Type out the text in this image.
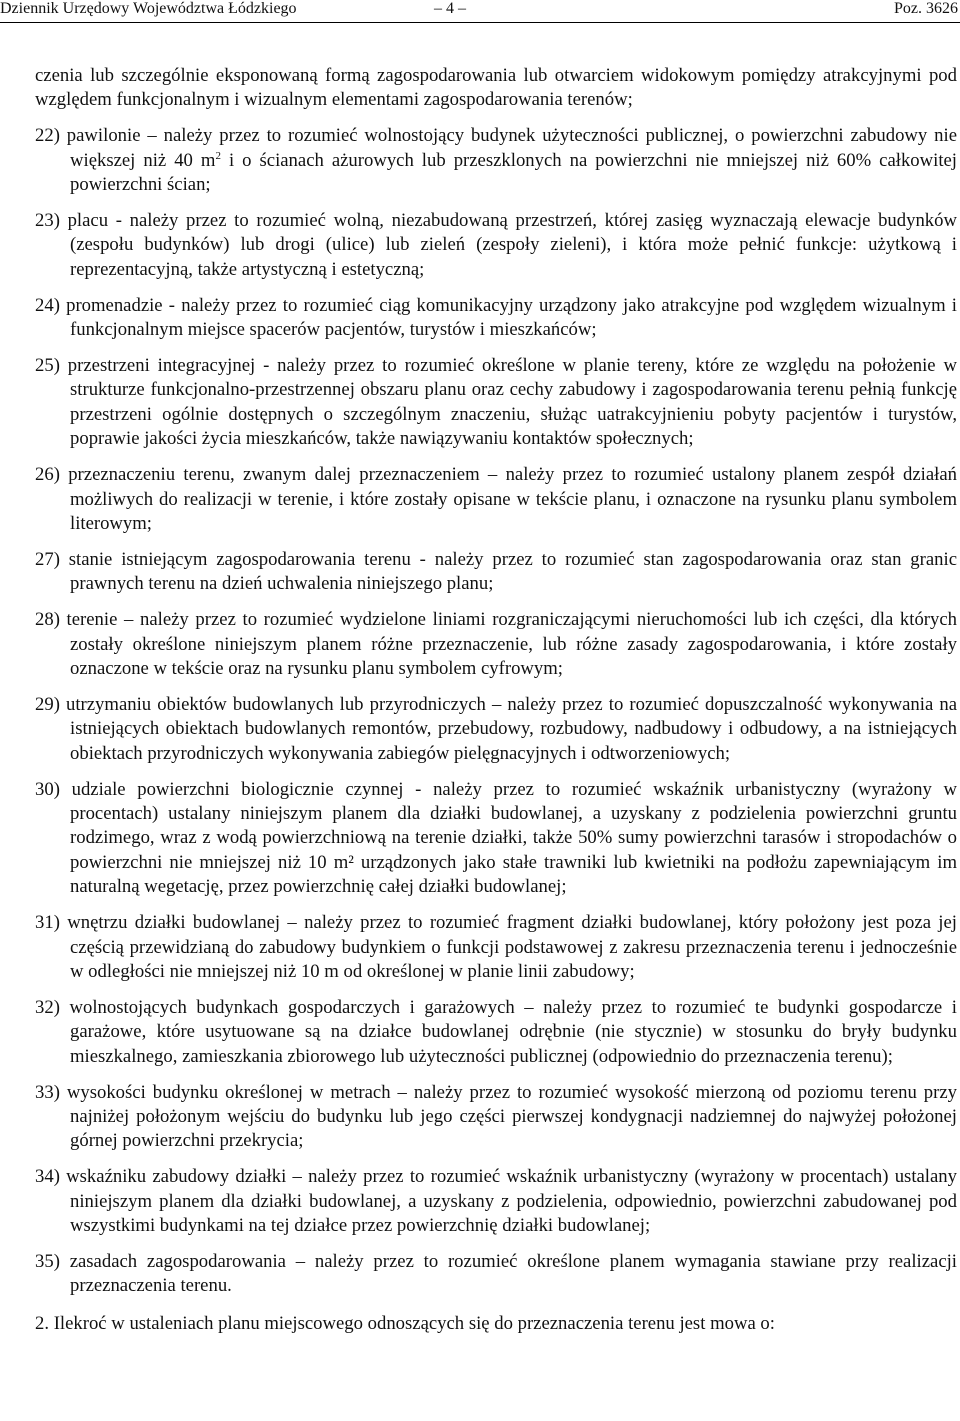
Dziennik Urzędowy Województwa Łódzkiego	– 4 –	Poz. 3626

czenia lub szczególnie eksponowaną formą zagospodarowania lub otwarciem widokowym pomiędzy atrakcyjnymi pod względem funkcjonalnym i wizualnym elementami zagospodarowania terenów;

22) pawilonie – należy przez to rozumieć wolnostojący budynek użyteczności publicznej, o powierzchni zabudowy nie większej niż 40 $m^2$ i o ścianach ażurowych lub przeszklonych na powierzchni nie mniejszej niż 60% całkowitej powierzchni ścian;

23) placu - należy przez to rozumieć wolną, niezabudowaną przestrzeń, której zasięg wyznaczają elewacje budynków (zespołu budynków) lub drogi (ulice) lub zieleń (zespoły zieleni), i która może pełnić funkcje: użytkową i reprezentacyjną, także artystyczną i estetyczną;

24) promenadzie - należy przez to rozumieć ciąg komunikacyjny urządzony jako atrakcyjne pod względem wizualnym i funkcjonalnym miejsce spacerów pacjentów, turystów i mieszkańców;

25) przestrzeni integracyjnej - należy przez to rozumieć określone w planie tereny, które ze względu na położenie w strukturze funkcjonalno-przestrzennej obszaru planu oraz cechy zabudowy i zagospodarowania terenu pełnią funkcję przestrzeni ogólnie dostępnych o szczególnym znaczeniu, służąc uatrakcyjnieniu pobyty pacjentów i turystów, poprawie jakości życia mieszkańców, także nawiązywaniu kontaktów społecznych;

26) przeznaczeniu terenu, zwanym dalej przeznaczeniem – należy przez to rozumieć ustalony planem zespół działań możliwych do realizacji w terenie, i które zostały opisane w tekście planu, i oznaczone na rysunku planu symbolem literowym;

27) stanie istniejącym zagospodarowania terenu - należy przez to rozumieć stan zagospodarowania oraz stan granic prawnych terenu na dzień uchwalenia niniejszego planu;

28) terenie – należy przez to rozumieć wydzielone liniami rozgraniczającymi nieruchomości lub ich części, dla których zostały określone niniejszym planem różne przeznaczenie, lub różne zasady zagospodarowania, i które zostały oznaczone w tekście oraz na rysunku planu symbolem cyfrowym;

29) utrzymaniu obiektów budowlanych lub przyrodniczych – należy przez to rozumieć dopuszczalność wykonywania na istniejących obiektach budowlanych remontów, przebudowy, rozbudowy, nadbudowy i odbudowy, a na istniejących obiektach przyrodniczych wykonywania zabiegów pielęgnacyjnych i odtworzeniowych;

30) udziale powierzchni biologicznie czynnej - należy przez to rozumieć wskaźnik urbanistyczny (wyrażony w procentach) ustalany niniejszym planem dla działki budowlanej, a uzyskany z podzielenia powierzchni gruntu rodzimego, wraz z wodą powierzchniową na terenie działki, także 50% sumy powierzchni tarasów i stropodachów o powierzchni nie mniejszej niż 10 m² urządzonych jako stałe trawniki lub kwietniki na podłożu zapewniającym im naturalną wegetację, przez powierzchnię całej działki budowlanej;

31) wnętrzu działki budowlanej – należy przez to rozumieć fragment działki budowlanej, który położony jest poza jej częścią przewidzianą do zabudowy budynkiem o funkcji podstawowej z zakresu przeznaczenia terenu i jednocześnie w odległości nie mniejszej niż 10 m od określonej w planie linii zabudowy;

32) wolnostojących budynkach gospodarczych i garażowych – należy przez to rozumieć te budynki gospodarcze i garażowe, które usytuowane są na działce budowlanej odrębnie (nie stycznie) w stosunku do bryły budynku mieszkalnego, zamieszkania zbiorowego lub użyteczności publicznej (odpowiednio do przeznaczenia terenu);

33) wysokości budynku określonej w metrach – należy przez to rozumieć wysokość mierzoną od poziomu terenu przy najniżej położonym wejściu do budynku lub jego części pierwszej kondygnacji nadziemnej do najwyżej położonej górnej powierzchni przekrycia;

34) wskaźniku zabudowy działki – należy przez to rozumieć wskaźnik urbanistyczny (wyrażony w procentach) ustalany niniejszym planem dla działki budowlanej, a uzyskany z podzielenia, odpowiednio, powierzchni zabudowanej pod wszystkimi budynkami na tej działce przez powierzchnię działki budowlanej;

35) zasadach zagospodarowania – należy przez to rozumieć określone planem wymagania stawiane przy realizacji przeznaczenia terenu.

2. Ilekroć w ustaleniach planu miejscowego odnoszących się do przeznaczenia terenu jest mowa o:
